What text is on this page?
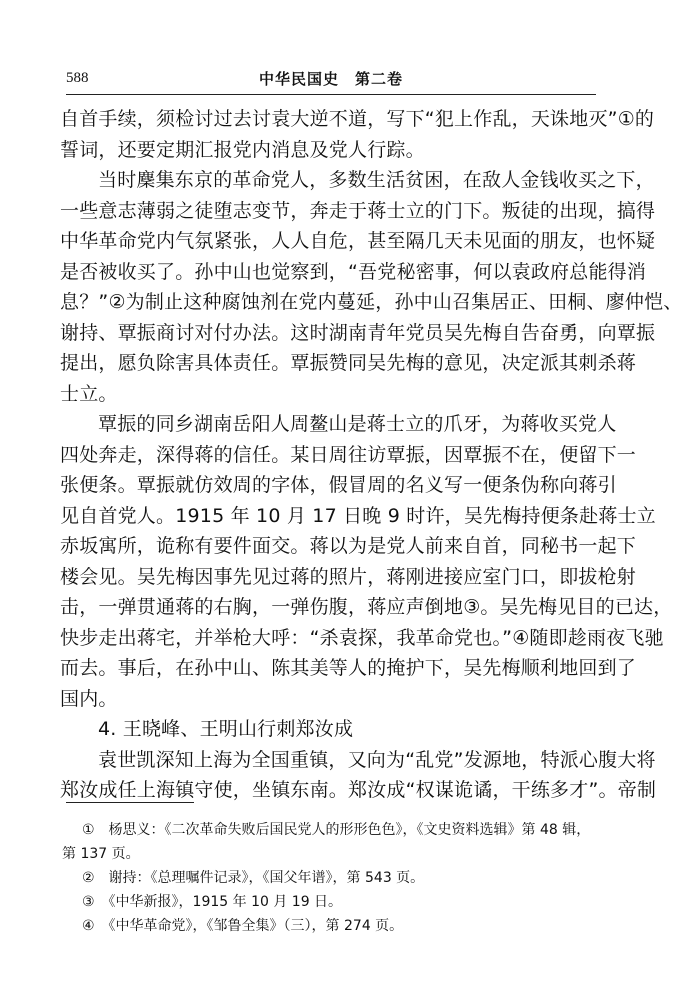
588	中华民国史　第二卷
自首手续，须检讨过去讨袁大逆不道，写下“犯上作乱，天诛地灭”①的
誓词，还要定期汇报党内消息及党人行踪。
当时麇集东京的革命党人，多数生活贫困，在敌人金钱收买之下，
一些意志薄弱之徒堕志变节，奔走于蒋士立的门下。叛徒的出现，搞得
中华革命党内气氛紧张，人人自危，甚至隔几天未见面的朋友，也怀疑
是否被收买了。孙中山也觉察到，“吾党秘密事，何以袁政府总能得消
息？”②为制止这种腐蚀剂在党内蔓延，孙中山召集居正、田桐、廖仲恺、
谢持、覃振商讨对付办法。这时湖南青年党员吴先梅自告奋勇，向覃振
提出，愿负除害具体责任。覃振赞同吴先梅的意见，决定派其刺杀蒋
士立。
覃振的同乡湖南岳阳人周鳌山是蒋士立的爪牙，为蒋收买党人
四处奔走，深得蒋的信任。某日周往访覃振，因覃振不在，便留下一
张便条。覃振就仿效周的字体，假冒周的名义写一便条伪称向蒋引
见自首党人。1915 年 10 月 17 日晚 9 时许，吴先梅持便条赴蒋士立
赤坂寓所，诡称有要件面交。蒋以为是党人前来自首，同秘书一起下
楼会见。吴先梅因事先见过蒋的照片，蒋刚进接应室门口，即拔枪射
击，一弹贯通蒋的右胸，一弹伤腹，蒋应声倒地③。吴先梅见目的已达，
快步走出蒋宅，并举枪大呼：“杀袁探，我革命党也。”④随即趁雨夜飞驰
而去。事后，在孙中山、陈其美等人的掩护下，吴先梅顺利地回到了
国内。
4. 王晓峰、王明山行刺郑汝成
袁世凯深知上海为全国重镇，又向为“乱党”发源地，特派心腹大将
郑汝成任上海镇守使，坐镇东南。郑汝成“权谋诡谲，干练多才”。帝制
①　杨思义：《二次革命失败后国民党人的形形色色》，《文史资料选辑》第 48 辑，
第 137 页。
②　谢持：《总理嘱件记录》，《国父年谱》，第 543 页。
③　《中华新报》，1915 年 10 月 19 日。
④　《中华革命党》，《邹鲁全集》（三），第 274 页。
